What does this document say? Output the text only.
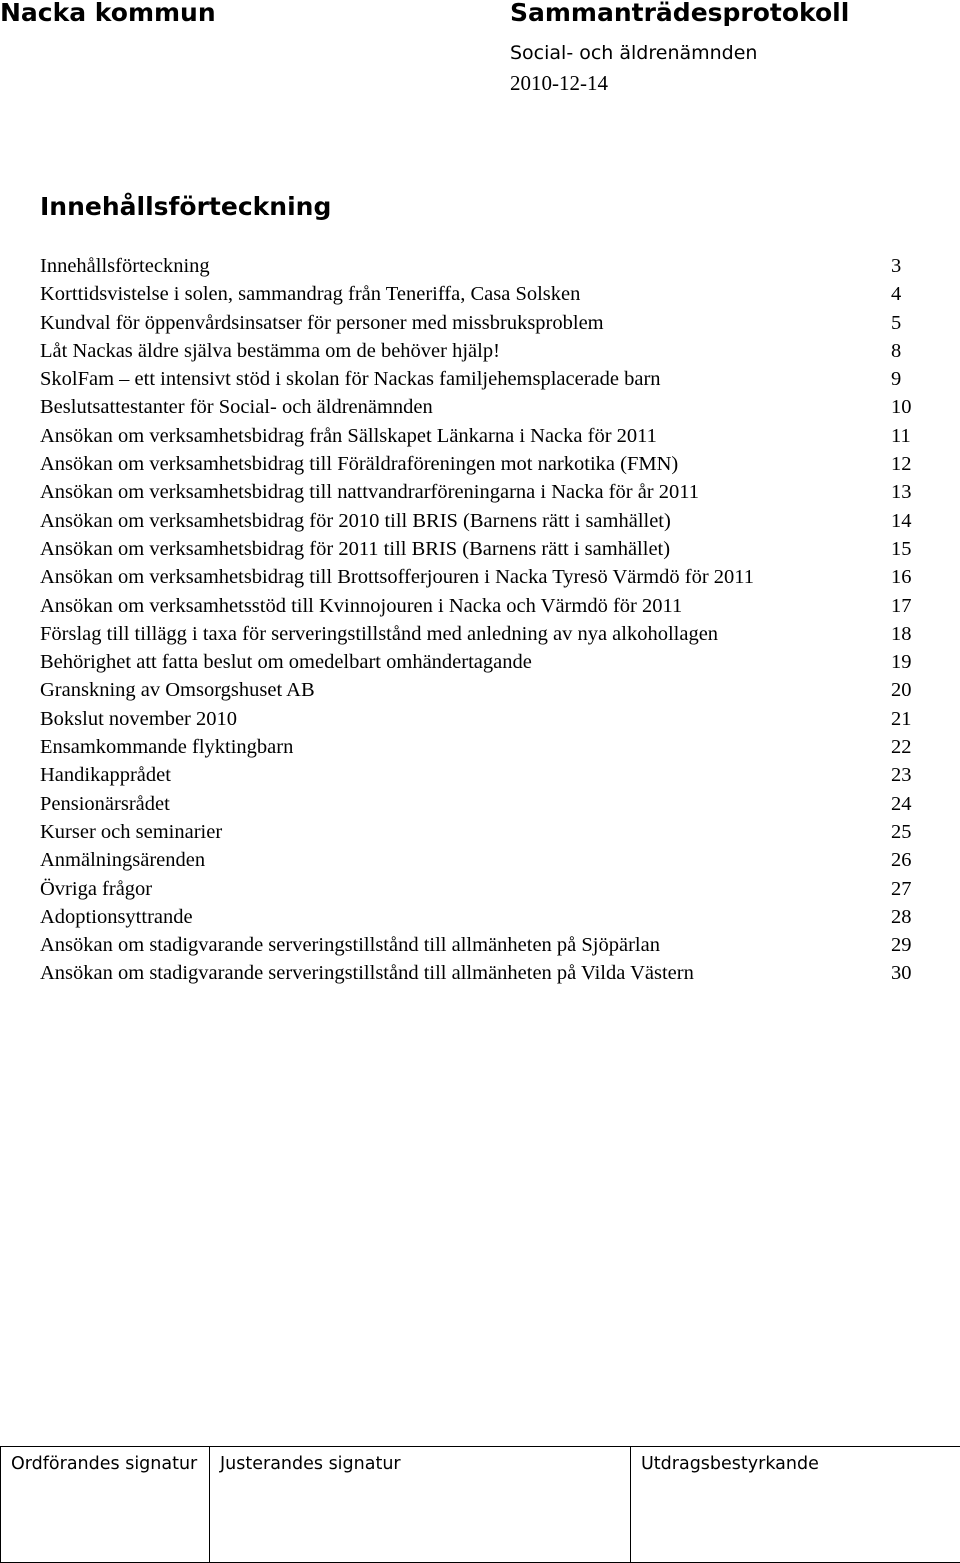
Nacka kommun	Sammanträdesprotokoll
Social- och äldrenämnden
2010-12-14
Innehållsförteckning
Innehållsförteckning	3
Korttidsvistelse i solen, sammandrag från Teneriffa, Casa Solsken	4
Kundval för öppenvårdsinsatser för personer med missbruksproblem	5
Låt Nackas äldre själva bestämma om de behöver hjälp!	8
SkolFam – ett intensivt stöd i skolan för Nackas familjehemsplacerade barn	9
Beslutsattestanter för Social- och äldrenämnden	10
Ansökan om verksamhetsbidrag från Sällskapet Länkarna i Nacka för 2011	11
Ansökan om verksamhetsbidrag till Föräldraföreningen mot narkotika (FMN)	12
Ansökan om verksamhetsbidrag till nattvandrarföreningarna i Nacka för år 2011	13
Ansökan om verksamhetsbidrag för 2010 till BRIS (Barnens rätt i samhället)	14
Ansökan om verksamhetsbidrag för 2011 till BRIS (Barnens rätt i samhället)	15
Ansökan om verksamhetsbidrag till Brottsofferjouren i Nacka Tyresö Värmdö för 2011	16
Ansökan om verksamhetsstöd till Kvinnojouren i Nacka och Värmdö för 2011	17
Förslag till tillägg i taxa för serveringstillstånd med anledning av nya alkohollagen	18
Behörighet att fatta beslut om omedelbart omhändertagande	19
Granskning av Omsorgshuset AB	20
Bokslut november 2010	21
Ensamkommande flyktingbarn	22
Handikapprådet	23
Pensionärsrådet	24
Kurser och seminarier	25
Anmälningsärenden	26
Övriga frågor	27
Adoptionsyttrande	28
Ansökan om stadigvarande serveringstillstånd till allmänheten på Sjöpärlan	29
Ansökan om stadigvarande serveringstillstånd till allmänheten på Vilda Västern	30
Ordförandes signatur	Justerandes signatur	Utdragsbestyrkande
